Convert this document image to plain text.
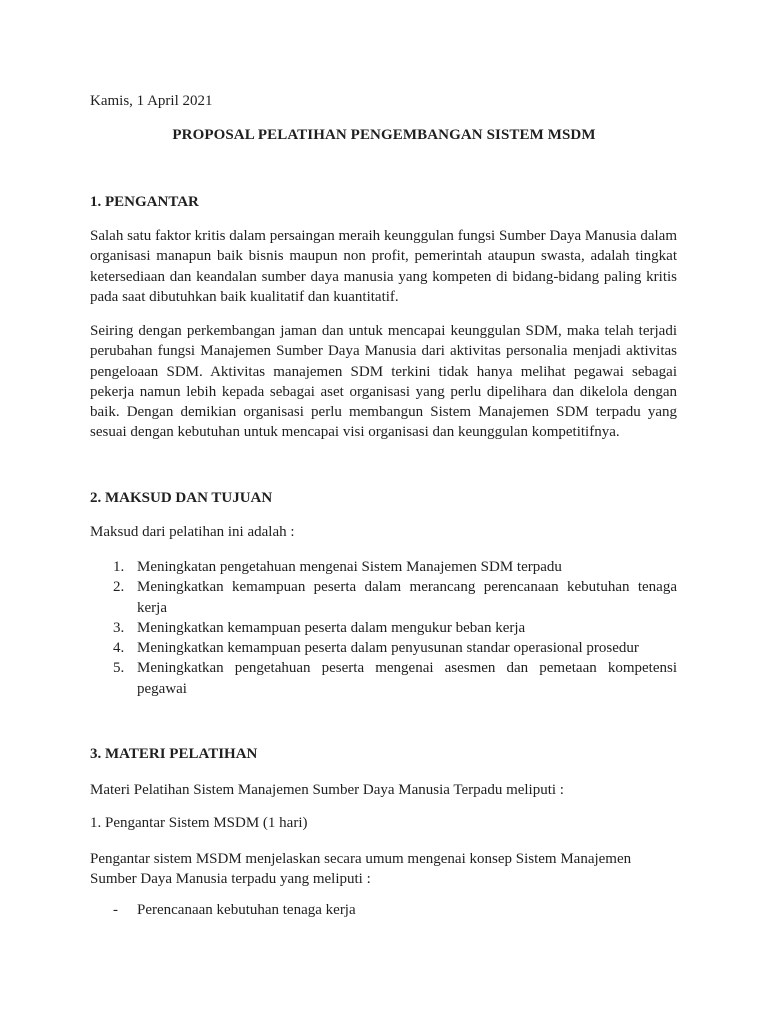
Kamis, 1 April 2021
PROPOSAL PELATIHAN PENGEMBANGAN SISTEM MSDM
1. PENGANTAR

Salah satu faktor kritis dalam persaingan meraih keunggulan fungsi Sumber Daya Manusia dalam organisasi manapun baik bisnis maupun non profit, pemerintah ataupun swasta, adalah tingkat ketersediaan dan keandalan sumber daya manusia yang kompeten di bidang-bidang paling kritis pada saat dibutuhkan baik kualitatif dan kuantitatif.

Seiring dengan perkembangan jaman dan untuk mencapai keunggulan SDM, maka telah terjadi perubahan fungsi Manajemen Sumber Daya Manusia dari aktivitas personalia menjadi aktivitas pengeloaan SDM. Aktivitas manajemen SDM terkini tidak hanya melihat pegawai sebagai pekerja namun lebih kepada sebagai aset organisasi yang perlu dipelihara dan dikelola dengan baik. Dengan demikian organisasi perlu membangun Sistem Manajemen SDM terpadu yang sesuai dengan kebutuhan untuk mencapai visi organisasi dan keunggulan kompetitifnya.

2. MAKSUD DAN TUJUAN
Maksud dari pelatihan ini adalah :
1. Meningkatan pengetahuan mengenai Sistem Manajemen SDM terpadu
2. Meningkatkan kemampuan peserta dalam merancang perencanaan kebutuhan tenaga kerja
3. Meningkatkan kemampuan peserta dalam mengukur beban kerja
4. Meningkatkan kemampuan peserta dalam penyusunan standar operasional prosedur
5. Meningkatkan pengetahuan peserta mengenai asesmen dan pemetaan kompetensi pegawai
3. MATERI PELATIHAN
Materi Pelatihan Sistem Manajemen Sumber Daya Manusia Terpadu meliputi :
1. Pengantar Sistem MSDM (1 hari)

Pengantar sistem MSDM menjelaskan secara umum mengenai konsep Sistem Manajemen Sumber Daya Manusia terpadu yang meliputi :

- Perencanaan kebutuhan tenaga kerja
